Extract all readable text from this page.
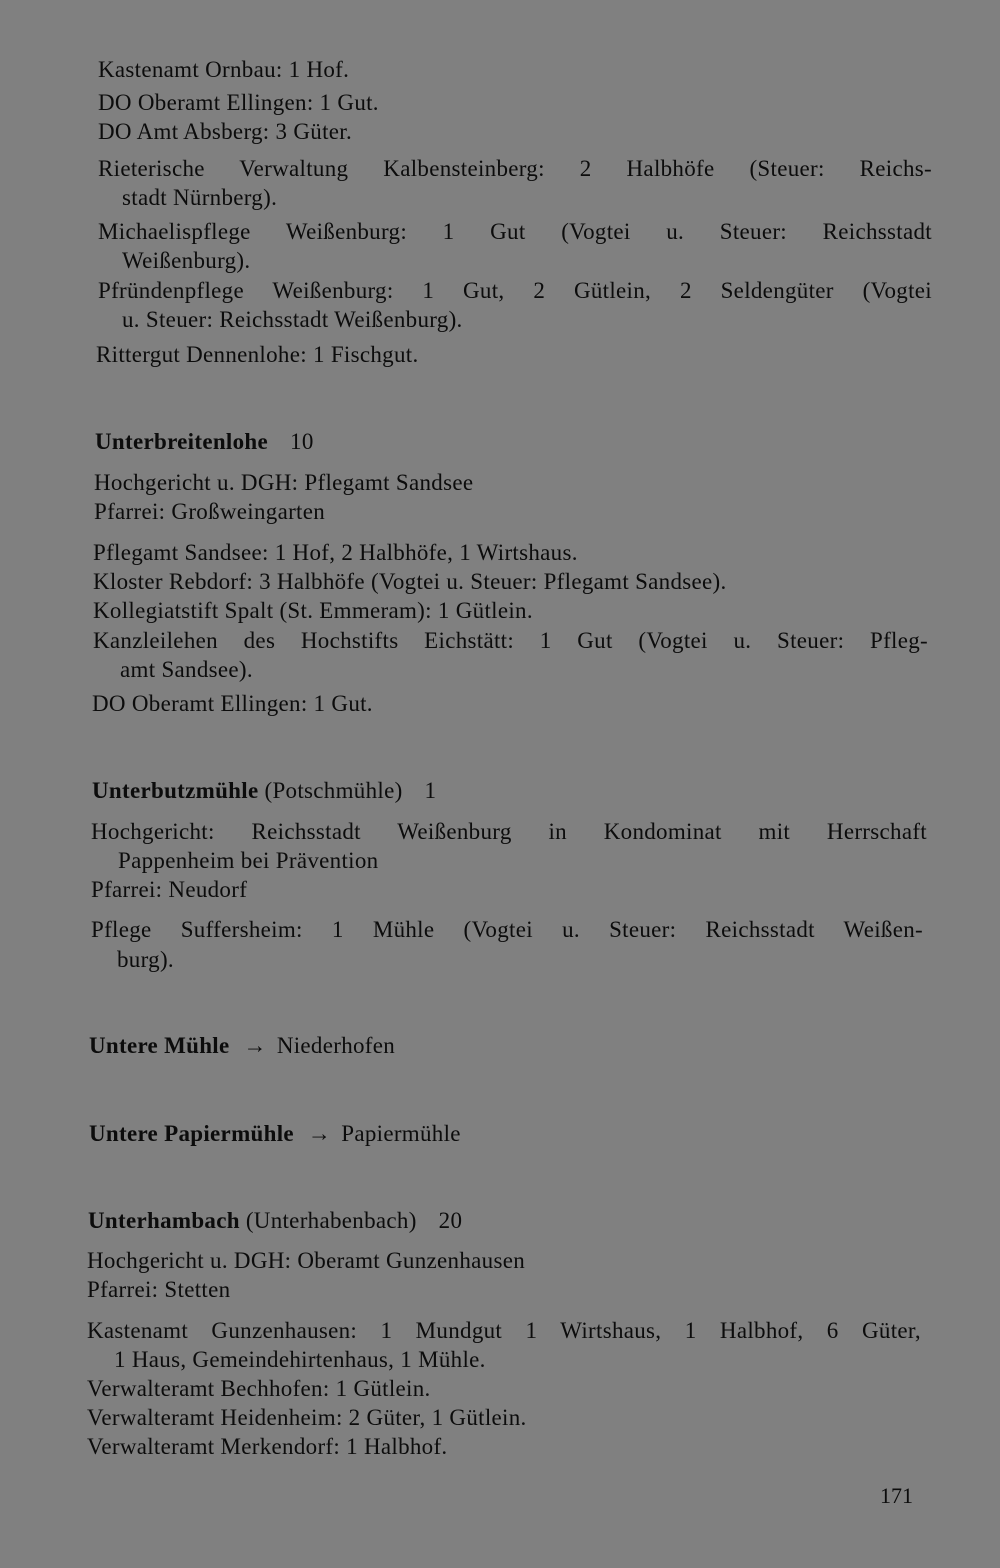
Kastenamt Ornbau: 1 Hof.
DO Oberamt Ellingen: 1 Gut.
DO Amt Absberg: 3 Güter.
Rieterische Verwaltung Kalbensteinberg: 2 Halbhöfe (Steuer: Reichs-
stadt Nürnberg).
Michaelispflege Weißenburg: 1 Gut (Vogtei u. Steuer: Reichsstadt
Weißenburg).
Pfründenpflege Weißenburg: 1 Gut, 2 Gütlein, 2 Seldengüter (Vogtei
u. Steuer: Reichsstadt Weißenburg).
Rittergut Dennenlohe: 1 Fischgut.
Unterbreitenlohe 10
Hochgericht u. DGH: Pflegamt Sandsee
Pfarrei: Großweingarten
Pflegamt Sandsee: 1 Hof, 2 Halbhöfe, 1 Wirtshaus.
Kloster Rebdorf: 3 Halbhöfe (Vogtei u. Steuer: Pflegamt Sandsee).
Kollegiatstift Spalt (St. Emmeram): 1 Gütlein.
Kanzleilehen des Hochstifts Eichstätt: 1 Gut (Vogtei u. Steuer: Pfleg-
amt Sandsee).
DO Oberamt Ellingen: 1 Gut.
Unterbutzmühle (Potschmühle) 1
Hochgericht: Reichsstadt Weißenburg in Kondominat mit Herrschaft
Pappenheim bei Prävention
Pfarrei: Neudorf
Pflege Suffersheim: 1 Mühle (Vogtei u. Steuer: Reichsstadt Weißen-
burg).
Untere Mühle → Niederhofen
Untere Papiermühle → Papiermühle
Unterhambach (Unterhabenbach) 20
Hochgericht u. DGH: Oberamt Gunzenhausen
Pfarrei: Stetten
Kastenamt Gunzenhausen: 1 Mundgut 1 Wirtshaus, 1 Halbhof, 6 Güter,
1 Haus, Gemeindehirtenhaus, 1 Mühle.
Verwalteramt Bechhofen: 1 Gütlein.
Verwalteramt Heidenheim: 2 Güter, 1 Gütlein.
Verwalteramt Merkendorf: 1 Halbhof.
171
